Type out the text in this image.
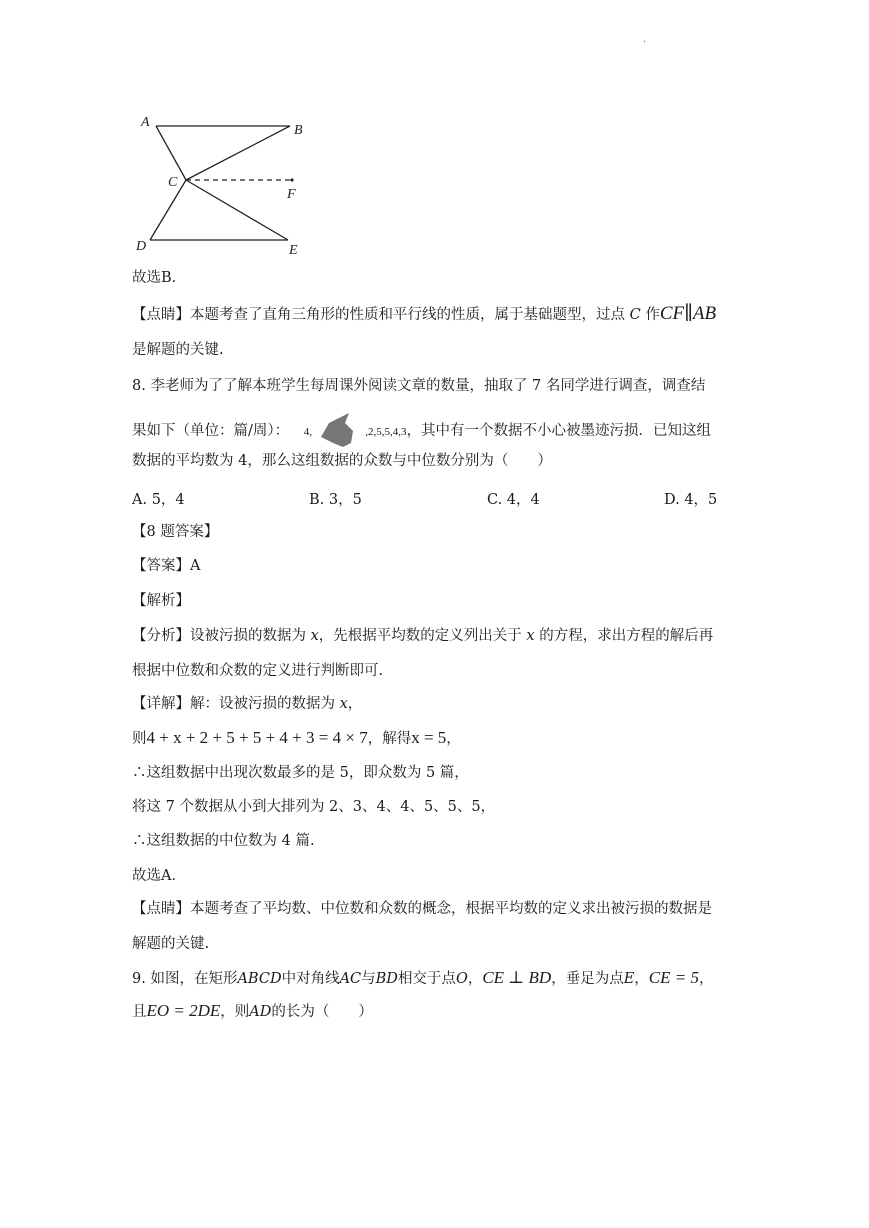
.
A
B
C
F
D	E
故选B．
【点睛】本题考查了直角三角形的性质和平行线的性质，属于基础题型，过点 C 作CF∥AB
是解题的关键.
8. 李老师为了了解本班学生每周课外阅读文章的数量，抽取了 7 名同学进行调查，调查结
果如下（单位：篇/周）： 4,	,2,5,5,4,3，其中有一个数据不小心被墨迹污损．已知这组
数据的平均数为 4，那么这组数据的众数与中位数分别为（　　）
A. 5，4	B. 3，5	C. 4，4	D. 4，5
【8 题答案】
【答案】A
【解析】
【分析】设被污损的数据为 x，先根据平均数的定义列出关于 x 的方程，求出方程的解后再
根据中位数和众数的定义进行判断即可.
【详解】解：设被污损的数据为 x，
则4 + x + 2 + 5 + 5 + 4 + 3 = 4 × 7，解得x = 5，
∴这组数据中出现次数最多的是 5，即众数为 5 篇，
将这 7 个数据从小到大排列为 2、3、4、4、5、5、5，
∴这组数据的中位数为 4 篇.
故选A．
【点睛】本题考查了平均数、中位数和众数的概念，根据平均数的定义求出被污损的数据是
解题的关键.
9. 如图，在矩形ABCD中对角线AC与BD相交于点O，CE ⊥ BD，垂足为点E，CE = 5，
且EO = 2DE，则AD的长为（　　）
